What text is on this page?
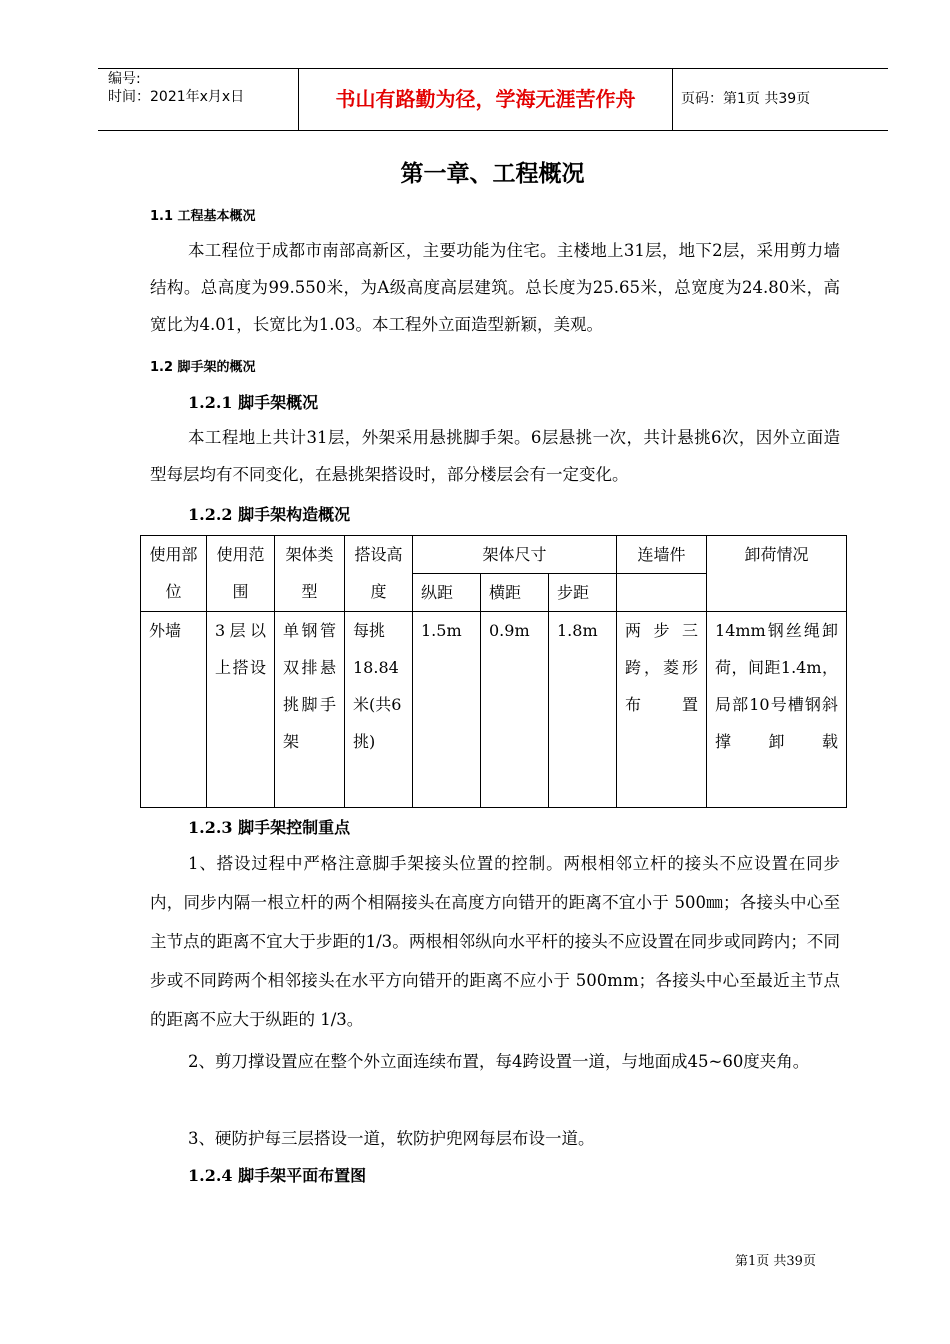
编号:
时间：2021年x月x日	书山有路勤为径，学海无涯苦作舟	页码：第1页 共39页
第一章、工程概况
1.1 工程基本概况
本工程位于成都市南部高新区，主要功能为住宅。主楼地上31层，地下2层，采用剪力墙结构。总高度为99.550米，为A级高度高层建筑。总长度为25.65米，总宽度为24.80米，高宽比为4.01，长宽比为1.03。本工程外立面造型新颖，美观。
1.2 脚手架的概况
1.2.1 脚手架概况
本工程地上共计31层，外架采用悬挑脚手架。6层悬挑一次，共计悬挑6次，因外立面造型每层均有不同变化，在悬挑架搭设时，部分楼层会有一定变化。
1.2.2 脚手架构造概况
使用部位	使用范围	架体类型	搭设高度	架体尺寸			连墙件	卸荷情况
				纵距	横距	步距		
外墙	3层以上搭设	单钢管双排悬挑脚手架	每挑18.84米(共6挑)	1.5m	0.9m	1.8m	两步三跨，菱形布置	14mm钢丝绳卸荷，间距1.4m，局部10号槽钢斜撑卸载
1.2.3 脚手架控制重点
1、搭设过程中严格注意脚手架接头位置的控制。两根相邻立杆的接头不应设置在同步内，同步内隔一根立杆的两个相隔接头在高度方向错开的距离不宜小于 500㎜；各接头中心至主节点的距离不宜大于步距的1/3。两根相邻纵向水平杆的接头不应设置在同步或同跨内；不同步或不同跨两个相邻接头在水平方向错开的距离不应小于 500mm；各接头中心至最近主节点的距离不应大于纵距的 1/3。
2、剪刀撑设置应在整个外立面连续布置，每4跨设置一道，与地面成45~60度夹角。
3、硬防护每三层搭设一道，软防护兜网每层布设一道。
1.2.4 脚手架平面布置图
第1页 共39页
